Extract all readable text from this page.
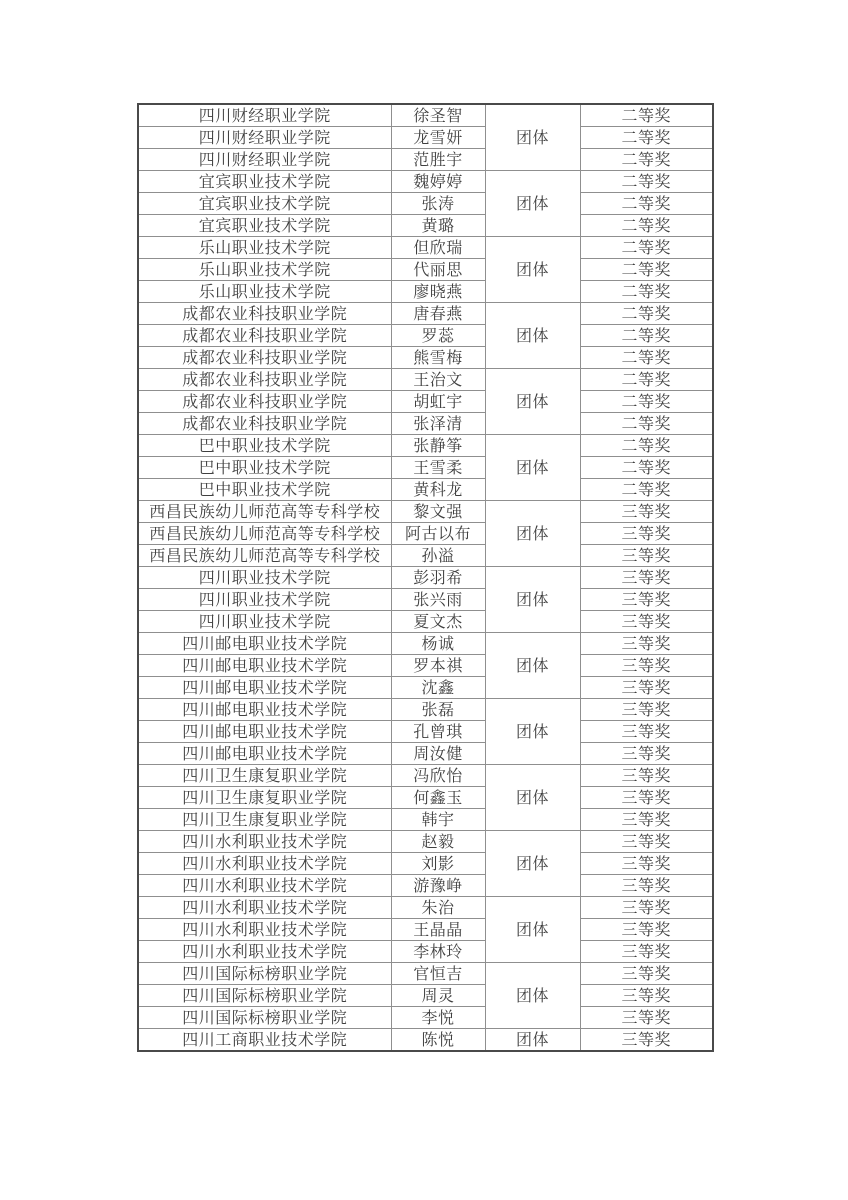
四川财经职业学院	徐圣智	团体	二等奖
四川财经职业学院	龙雪妍		二等奖
四川财经职业学院	范胜宇		二等奖
宜宾职业技术学院	魏婷婷	团体	二等奖
宜宾职业技术学院	张涛		二等奖
宜宾职业技术学院	黄璐		二等奖
乐山职业技术学院	但欣瑞	团体	二等奖
乐山职业技术学院	代丽思		二等奖
乐山职业技术学院	廖晓燕		二等奖
成都农业科技职业学院	唐春燕	团体	二等奖
成都农业科技职业学院	罗蕊		二等奖
成都农业科技职业学院	熊雪梅		二等奖
成都农业科技职业学院	王治文	团体	二等奖
成都农业科技职业学院	胡虹宇		二等奖
成都农业科技职业学院	张泽清		二等奖
巴中职业技术学院	张静筝	团体	二等奖
巴中职业技术学院	王雪柔		二等奖
巴中职业技术学院	黄科龙		二等奖
西昌民族幼儿师范高等专科学校	黎文强	团体	三等奖
西昌民族幼儿师范高等专科学校	阿古以布		三等奖
西昌民族幼儿师范高等专科学校	孙溢		三等奖
四川职业技术学院	彭羽希	团体	三等奖
四川职业技术学院	张兴雨		三等奖
四川职业技术学院	夏文杰		三等奖
四川邮电职业技术学院	杨诚	团体	三等奖
四川邮电职业技术学院	罗本祺		三等奖
四川邮电职业技术学院	沈鑫		三等奖
四川邮电职业技术学院	张磊	团体	三等奖
四川邮电职业技术学院	孔曾琪		三等奖
四川邮电职业技术学院	周汝健		三等奖
四川卫生康复职业学院	冯欣怡	团体	三等奖
四川卫生康复职业学院	何鑫玉		三等奖
四川卫生康复职业学院	韩宇		三等奖
四川水利职业技术学院	赵毅	团体	三等奖
四川水利职业技术学院	刘影		三等奖
四川水利职业技术学院	游豫峥		三等奖
四川水利职业技术学院	朱治	团体	三等奖
四川水利职业技术学院	王晶晶		三等奖
四川水利职业技术学院	李林玲		三等奖
四川国际标榜职业学院	官恒吉	团体	三等奖
四川国际标榜职业学院	周灵		三等奖
四川国际标榜职业学院	李悦		三等奖
四川工商职业技术学院	陈悦	团体	三等奖
